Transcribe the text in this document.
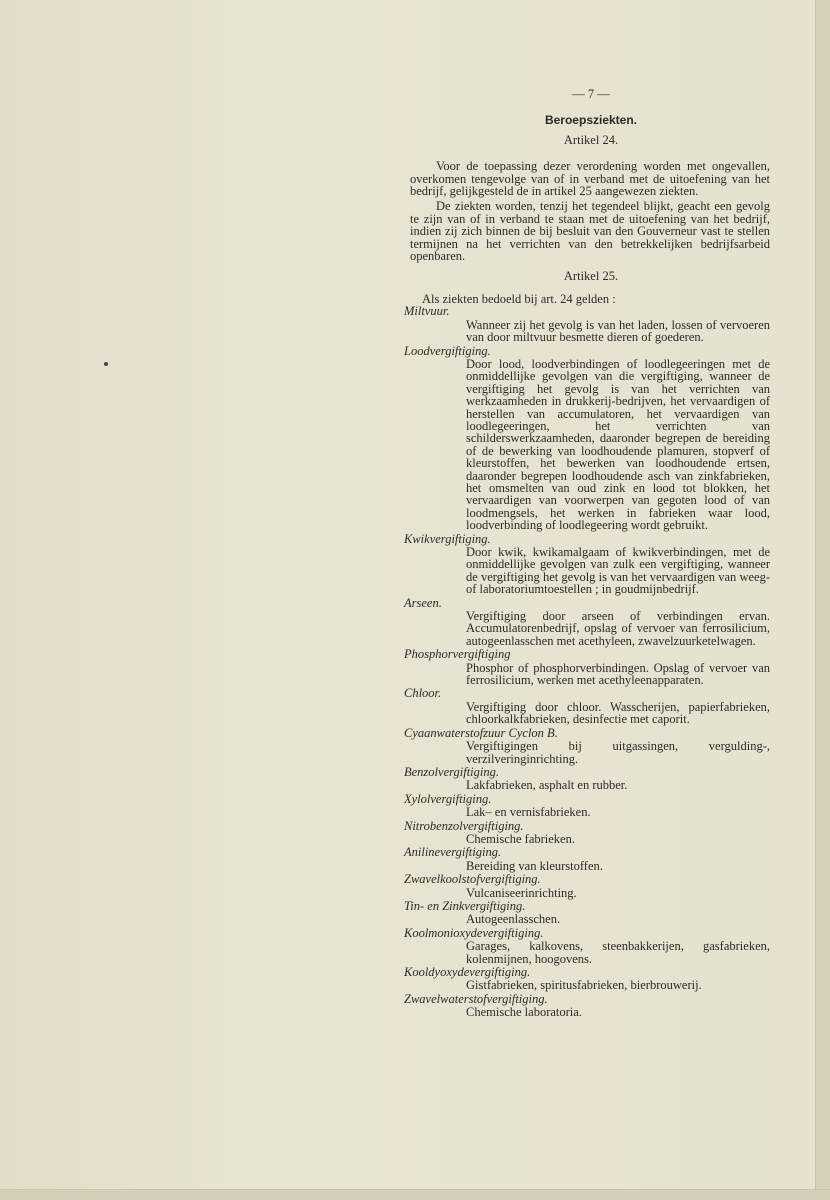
— 7 —
Beroepsziekten.
Artikel 24.

Voor de toepassing dezer verordening worden met ongevallen, overkomen tengevolge van of in verband met de uitoefening van het bedrijf, gelijkgesteld de in artikel 25 aangewezen ziekten.

De ziekten worden, tenzij het tegendeel blijkt, geacht een gevolg te zijn van of in verband te staan met de uitoefening van het bedrijf, indien zij zich binnen de bij besluit van den Gouverneur vast te stellen termijnen na het verrichten van den betrekkelijken bedrijfsarbeid openbaren.

Artikel 25.
Als ziekten bedoeld bij art. 24 gelden :
Miltvuur.
Wanneer zij het gevolg is van het laden, lossen of vervoeren van door miltvuur besmette dieren of goederen.
Loodvergiftiging.
Door lood, loodverbindingen of loodlegeeringen met de onmiddellijke gevolgen van die vergiftiging, wanneer de vergiftiging het gevolg is van het verrichten van werkzaamheden in drukkerij-bedrijven, het vervaardigen of herstellen van accumulatoren, het vervaardigen van loodlegeeringen, het verrichten van schilderswerkzaamheden, daaronder begrepen de bereiding of de bewerking van loodhoudende plamuren, stopverf of kleurstoffen, het bewerken van loodhoudende ertsen, daaronder begrepen loodhoudende asch van zinkfabrieken, het omsmelten van oud zink en lood tot blokken, het vervaardigen van voorwerpen van gegoten lood of van loodmengsels, het werken in fabrieken waar lood, loodverbinding of loodlegeering wordt gebruikt.
Kwikvergiftiging.
Door kwik, kwikamalgaam of kwikverbindingen, met de onmiddellijke gevolgen van zulk een vergiftiging, wanneer de vergiftiging het gevolg is van het vervaardigen van weeg- of laboratoriumtoestellen ; in goudmijnbedrijf.
Arseen.
Vergiftiging door arseen of verbindingen ervan. Accumulatorenbedrijf, opslag of vervoer van ferrosilicium, autogeenlasschen met acethyleen, zwavelzuurketelwagen.
Phosphorvergiftiging
Phosphor of phosphorverbindingen. Opslag of vervoer van ferrosilicium, werken met acethyleenapparaten.
Chloor.
Vergiftiging door chloor. Wasscherijen, papierfabrieken, chloorkalkfabrieken, desinfectie met caporit.
Cyaanwaterstofzuur Cyclon B.
Vergiftigingen bij uitgassingen, vergulding-, verzilveringinrichting.
Benzolvergiftiging.
Lakfabrieken, asphalt en rubber.
Xylolvergiftiging.
Lak– en vernisfabrieken.
Nitrobenzolvergiftiging.
Chemische fabrieken.
Anilinevergiftiging.
Bereiding van kleurstoffen.
Zwavelkoolstofvergiftiging.
Vulcaniseerinrichting.
Tin- en Zinkvergiftiging.
Autogeenlasschen.
Koolmonioxydevergiftiging.
Garages, kalkovens, steenbakkerijen, gasfabrieken, kolenmijnen, hoogovens.
Kooldyoxydevergiftiging.
Gistfabrieken, spiritusfabrieken, bierbrouwerij.
Zwavelwaterstofvergiftiging.
Chemische laboratoria.
